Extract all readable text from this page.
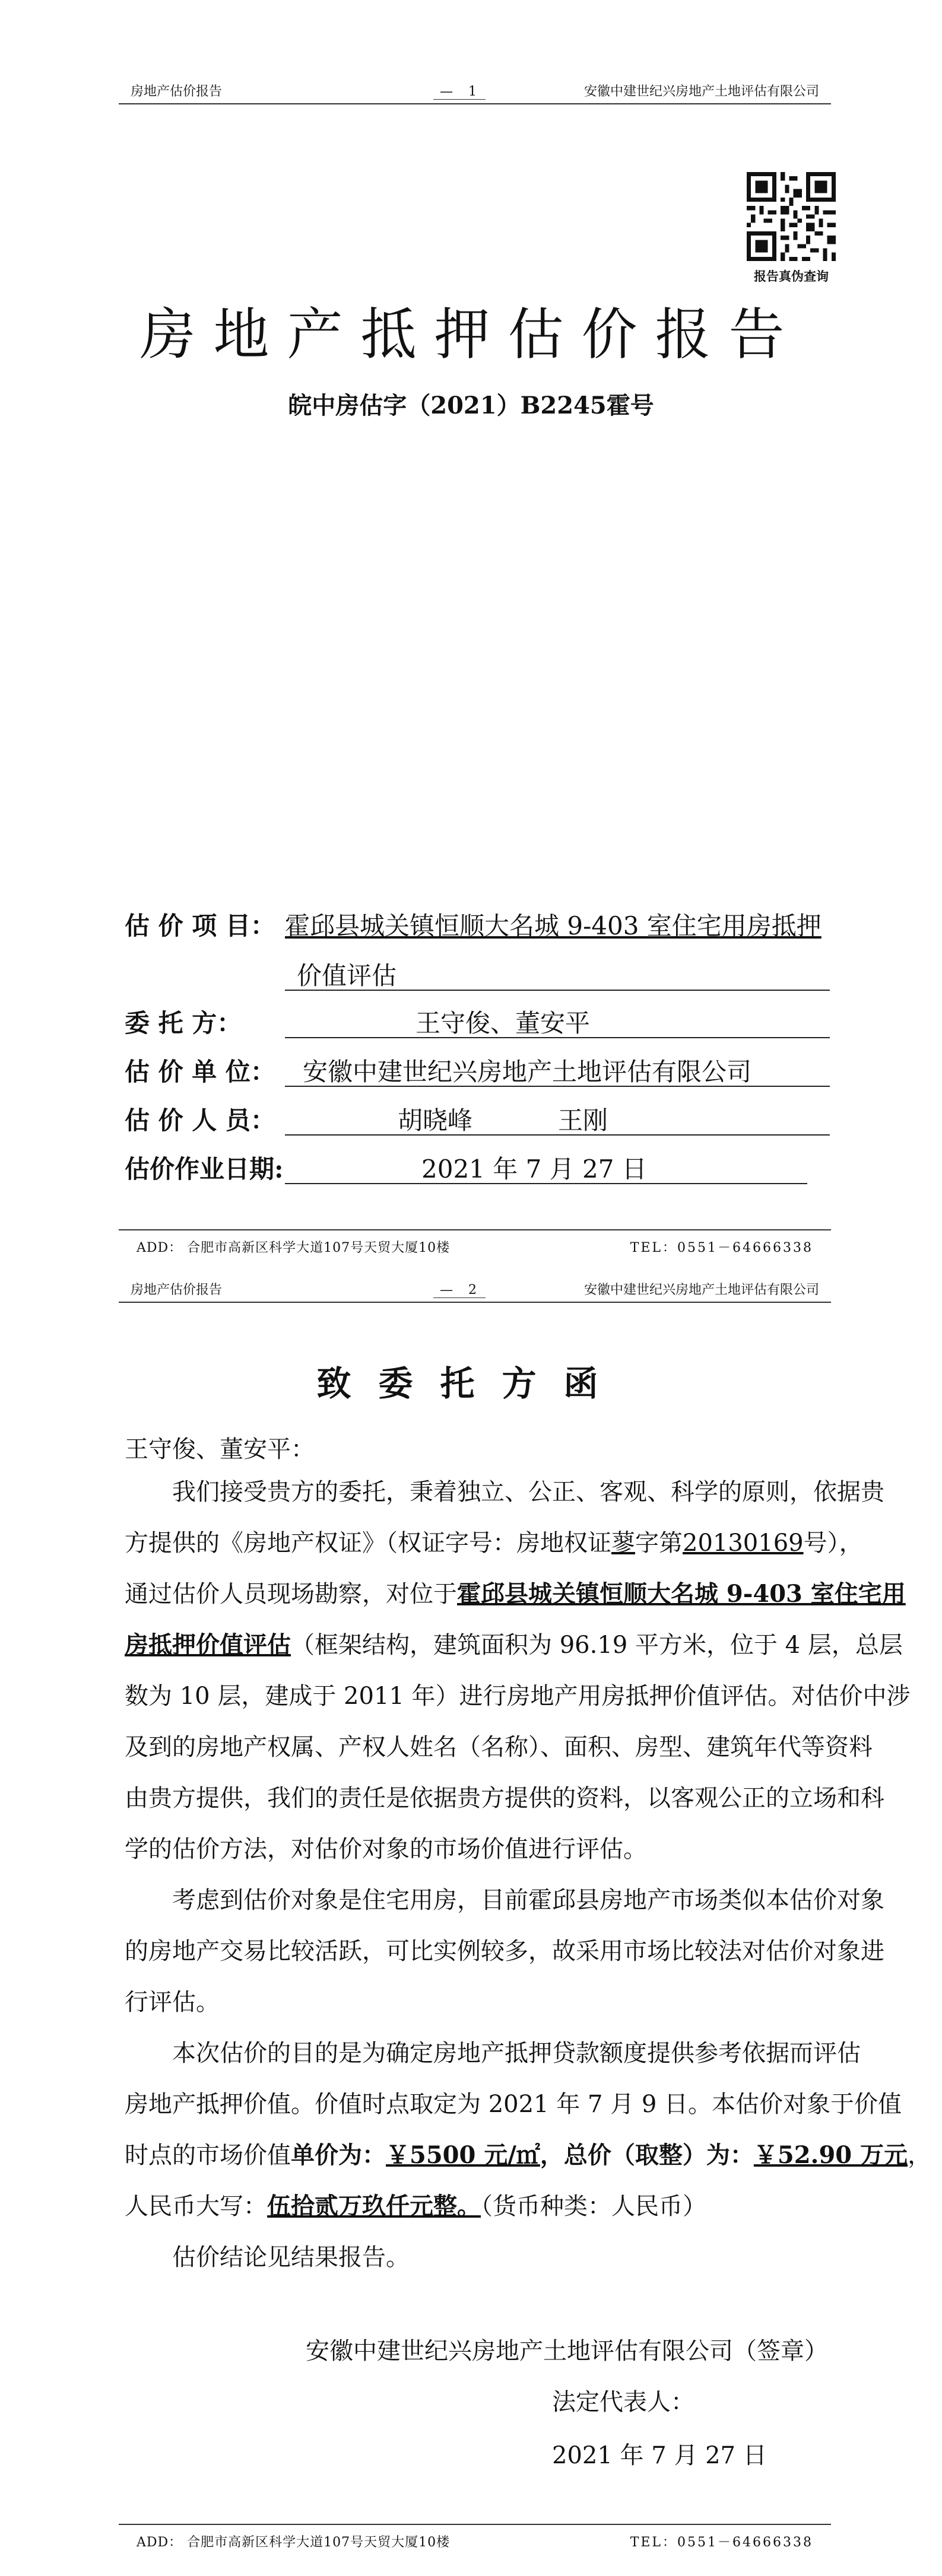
房地产估价报告	— 1	安徽中建世纪兴房地产土地评估有限公司
报告真伪查询
房地产抵押估价报告
皖中房估字（2021）B2245霍号
估 价 项 目： 霍邱县城关镇恒顺大名城 9-403 室住宅用房抵押
价值评估
委 托 方：	王守俊、董安平
估 价 单 位： 安徽中建世纪兴房地产土地评估有限公司
估 价 人 员：	胡晓峰	王刚
估价作业日期:	2021 年 7 月 27 日
ADD： 合肥市高新区科学大道107号天贸大厦10楼	TEL：0551－64666338
房地产估价报告	— 2	安徽中建世纪兴房地产土地评估有限公司
致委托方函
王守俊、董安平：
我们接受贵方的委托，秉着独立、公正、客观、科学的原则，依据贵
方提供的《房地产权证》（权证字号：房地权证蓼字第20130169号），
通过估价人员现场勘察，对位于霍邱县城关镇恒顺大名城 9-403 室住宅用
房抵押价值评估（框架结构，建筑面积为 96.19 平方米，位于 4 层，总层
数为 10 层，建成于 2011 年）进行房地产用房抵押价值评估。对估价中涉
及到的房地产权属、产权人姓名（名称）、面积、房型、建筑年代等资料
由贵方提供，我们的责任是依据贵方提供的资料，以客观公正的立场和科
学的估价方法，对估价对象的市场价值进行评估。
考虑到估价对象是住宅用房，目前霍邱县房地产市场类似本估价对象
的房地产交易比较活跃，可比实例较多，故采用市场比较法对估价对象进
行评估。
本次估价的目的是为确定房地产抵押贷款额度提供参考依据而评估
房地产抵押价值。价值时点取定为 2021 年 7 月 9 日。本估价对象于价值
时点的市场价值单价为：￥5500 元/㎡，总价（取整）为：￥52.90 万元，
人民币大写：伍拾贰万玖仟元整。（货币种类：人民币）
估价结论见结果报告。
安徽中建世纪兴房地产土地评估有限公司（签章）
法定代表人：
2021 年 7 月 27 日
ADD： 合肥市高新区科学大道107号天贸大厦10楼	TEL：0551－64666338
